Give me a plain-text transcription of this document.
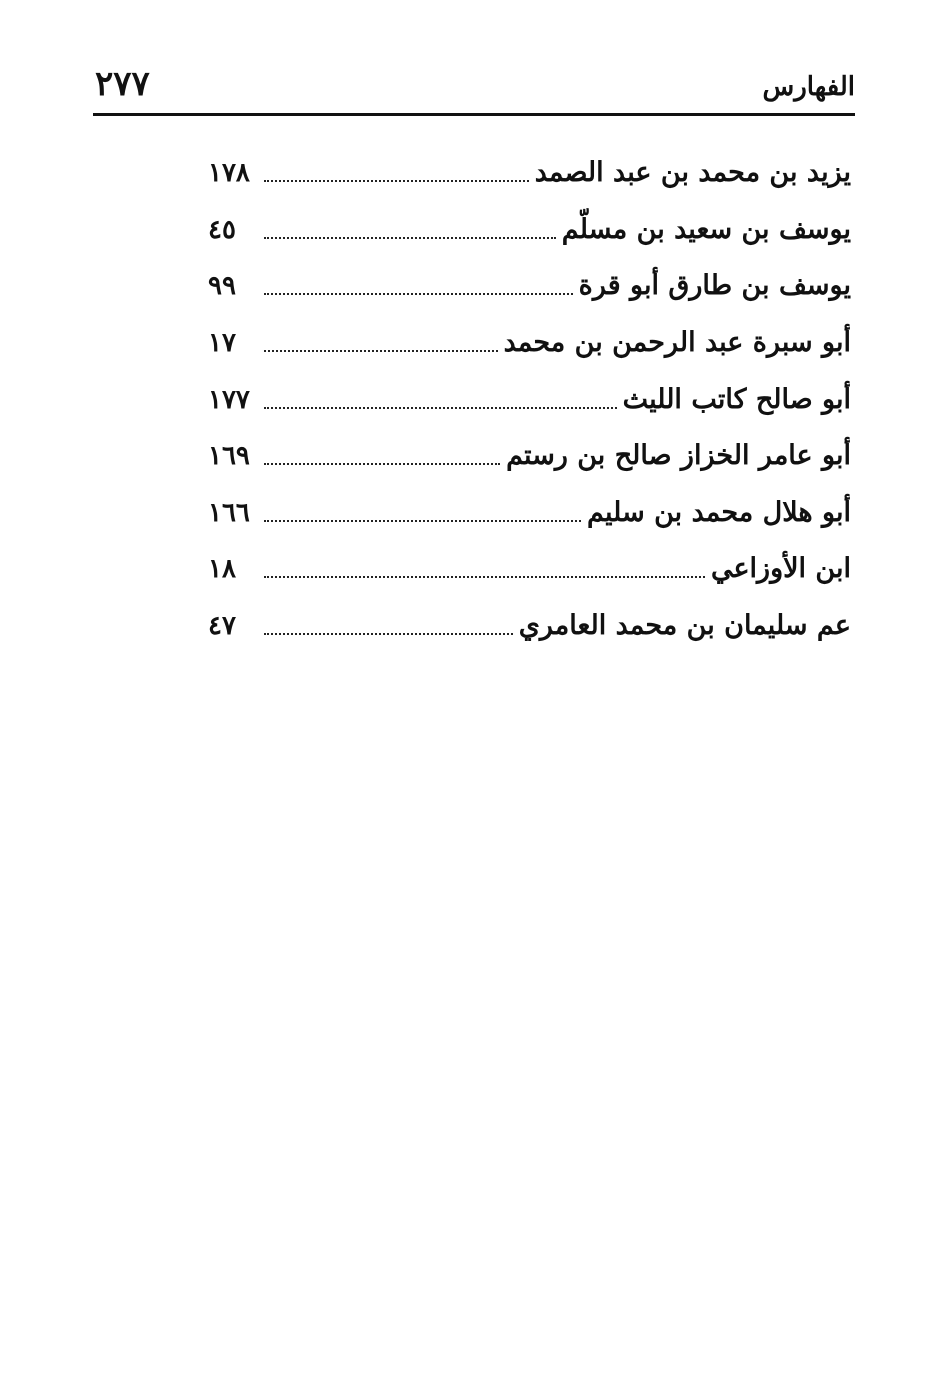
الفهارس
٢٧٧
يزيد بن محمد بن عبد الصمد
١٧٨
يوسف بن سعيد بن مسلّم
٤٥
يوسف بن طارق أبو قرة
٩٩
أبو سبرة عبد الرحمن بن محمد
١٧
أبو صالح كاتب الليث
١٧٧
أبو عامر الخزاز صالح بن رستم
١٦٩
أبو هلال محمد بن سليم
١٦٦
ابن الأوزاعي
١٨
عم سليمان بن محمد العامري
٤٧
